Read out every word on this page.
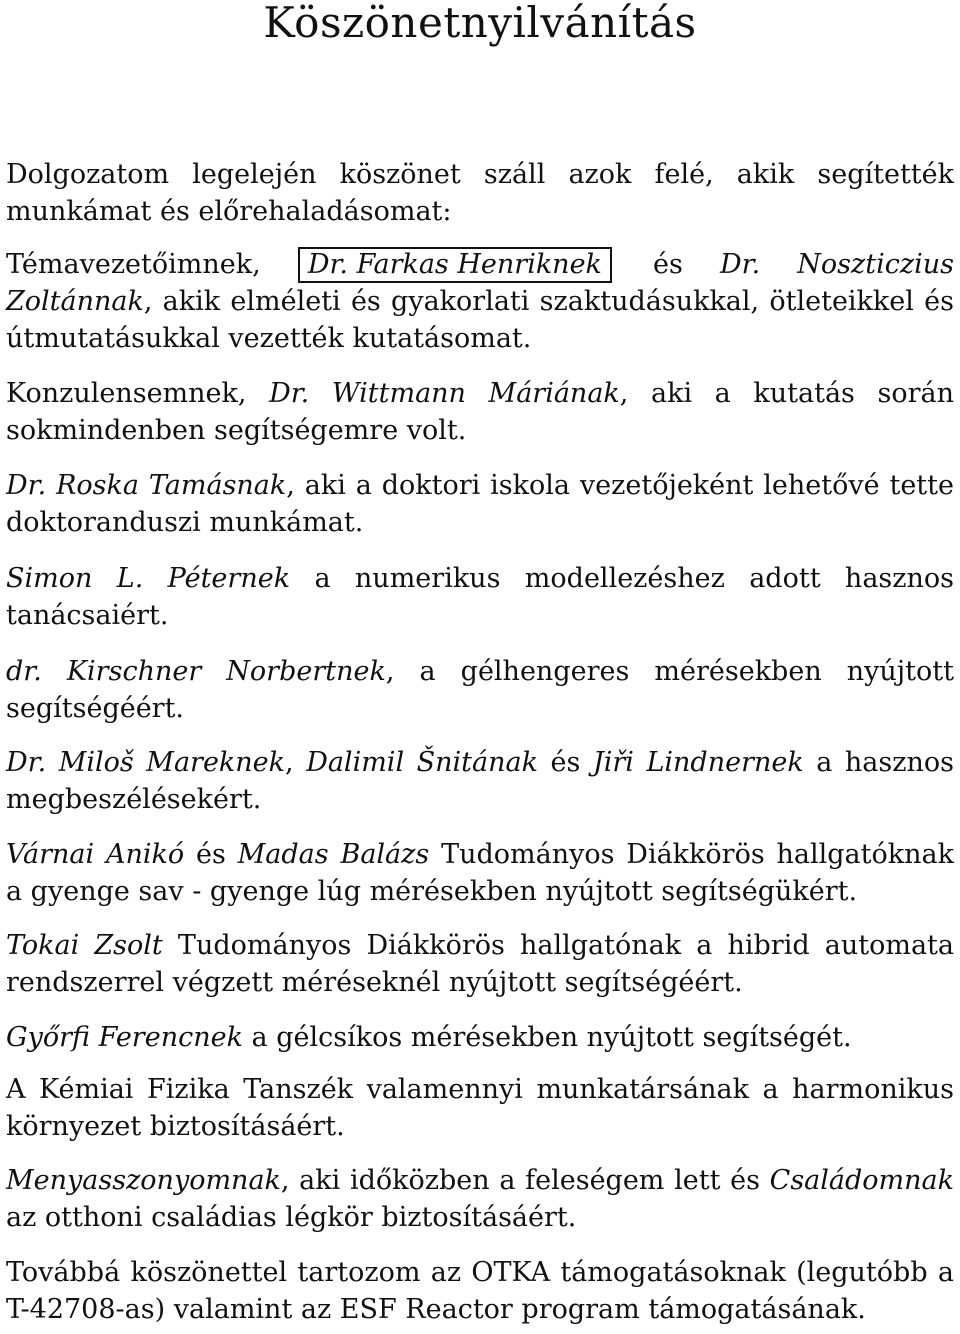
Köszönetnyilvánítás

Dolgozatom legelején köszönet száll azok felé, akik segítették munkámat és előrehaladásomat:

Témavezetőimnek, Dr. Farkas Henriknek és Dr. Noszticzius Zoltánnak, akik elméleti és gyakorlati szaktudásukkal, ötleteikkel és útmutatásukkal vezették kutatásomat.

Konzulensemnek, Dr. Wittmann Máriának, aki a kutatás során sokmindenben segítségemre volt.

Dr. Roska Tamásnak, aki a doktori iskola vezetőjeként lehetővé tette doktoranduszi munkámat.

Simon L. Péternek a numerikus modellezéshez adott hasznos tanácsaiért.

dr. Kirschner Norbertnek, a gélhengeres mérésekben nyújtott segítségéért.

Dr. Miloš Mareknek, Dalimil Šnitának és Jiři Lindnernek a hasznos megbeszélésekért.

Várnai Anikó és Madas Balázs Tudományos Diákkörös hallgatóknak a gyenge sav - gyenge lúg mérésekben nyújtott segítségükért.

Tokai Zsolt Tudományos Diákkörös hallgatónak a hibrid automata rendszerrel végzett méréseknél nyújtott segítségéért.

Győrfi Ferencnek a gélcsíkos mérésekben nyújtott segítségét.

A Kémiai Fizika Tanszék valamennyi munkatársának a harmonikus környezet biztosításáért.

Menyasszonyomnak, aki időközben a feleségem lett és Családomnak az otthoni családias légkör biztosításáért.

Továbbá köszönettel tartozom az OTKA támogatásoknak (legutóbb a T-42708-as) valamint az ESF Reactor program támogatásának.
